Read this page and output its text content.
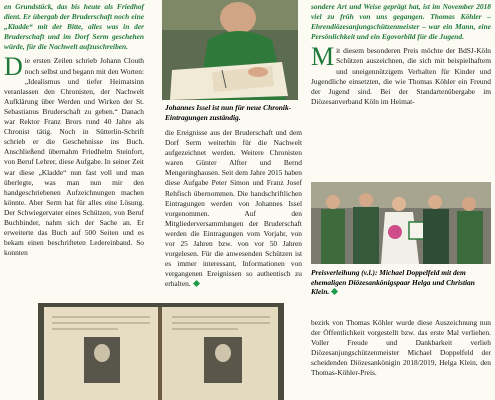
en Grundstück, das bis heute als Friedhof dient. Er übergab der Bruderschaft noch eine „Kladde“ mit der Bitte, alles was in der Bruderschaft und im Dorf Serm geschehen würde, für die Nachwelt aufzuschreiben.
Die ersten Zeilen schrieb Johann Clouth noch selbst und begann mit den Worten: „Idealismus und tiefer Heimatsinn veranlassen den Chronisten, der Nachwelt Aufklärung über Werden und Wirken der St. Sebastianus Bruderschaft zu geben.“ Danach war Rektor Franz Brors rund 40 Jahre als Chronist tätig. Noch in Sütterlin-Schrift schrieb er die Geschehnisse ins Buch. Anschließend übernahm Friedhelm Steinfort, von Beruf Lehrer, diese Aufgabe. In seiner Zeit war diese „Kladde“ nun fast voll und man überlegte, was man nun mir den handgeschriebenen Aufzeichnungen machen könnte. Aber Serm hat für alles eine Lösung. Der Schwiegervater eines Schützen, von Beruf Buchbinder, nahm sich der Sache an. Er erweiterte das Buch auf 500 Seiten und es bekam einen beschrifteten Ledereinband. So konnten
Johannes Issel ist nun für neue Chronik-Eintragungen zuständig.
die Ereignisse aus der Bruderschaft und dem Dorf Serm weiterhin für die Nachwelt aufgezeichnet werden. Weitere Chronisten waren Günter Alfter und Bernd Mengeringhausen. Seit dem Jahre 2015 haben diese Aufgabe Peter Simon und Franz Josef Rehfisch übernommen. Die handschriftlichen Eintragungen werden von Johannes Issel vorgenommen. Auf den Mitgliederversammlungen der Bruderschaft werden die Eintragungen vom Vorjahr, von vor 25 Jahren bzw. von vor 50 Jahren vorgelesen. Für die anwesenden Schützen ist es immer interessant, Informationen von vergangenen Ereignissen so authentisch zu erhalten.
sondere Art und Weise geprägt hat, ist im November 2018 viel zu früh von uns gegangen. Thomas Köhler – Ehrendiözesanjungschützenmeister – war ein Mann, eine Persönlichkeit und ein Egovorbild für die Jugend.
Mit diesem besonderen Preis möchte der BdSJ-Köln Schützen auszeichnen, die sich mit beispielhaftem und uneigennützigem Verhalten für Kinder und Jugendliche einsetzten, die wie Thomas Köhler ein Freund der Jugend sind. Bei der Standartenübergabe im Diözesanverband Köln im Heimat-
Preisverleihung (v.l.): Michael Doppelfeld mit dem ehemaligen Diözesankönigspaar Helga und Christian Klein.
bezirk von Thomas Köhler wurde diese Auszeichnung nun der Öffentlichkeit vorgestellt bzw. das erste Mal verliehen. Voller Freude und Dankbarkeit verlieh Diözesanjungschützenmeister Michael Doppelfeld der scheidenden Diözesankönigin 2018/2019, Helga Klein, den Thomas-Köhler-Preis.
